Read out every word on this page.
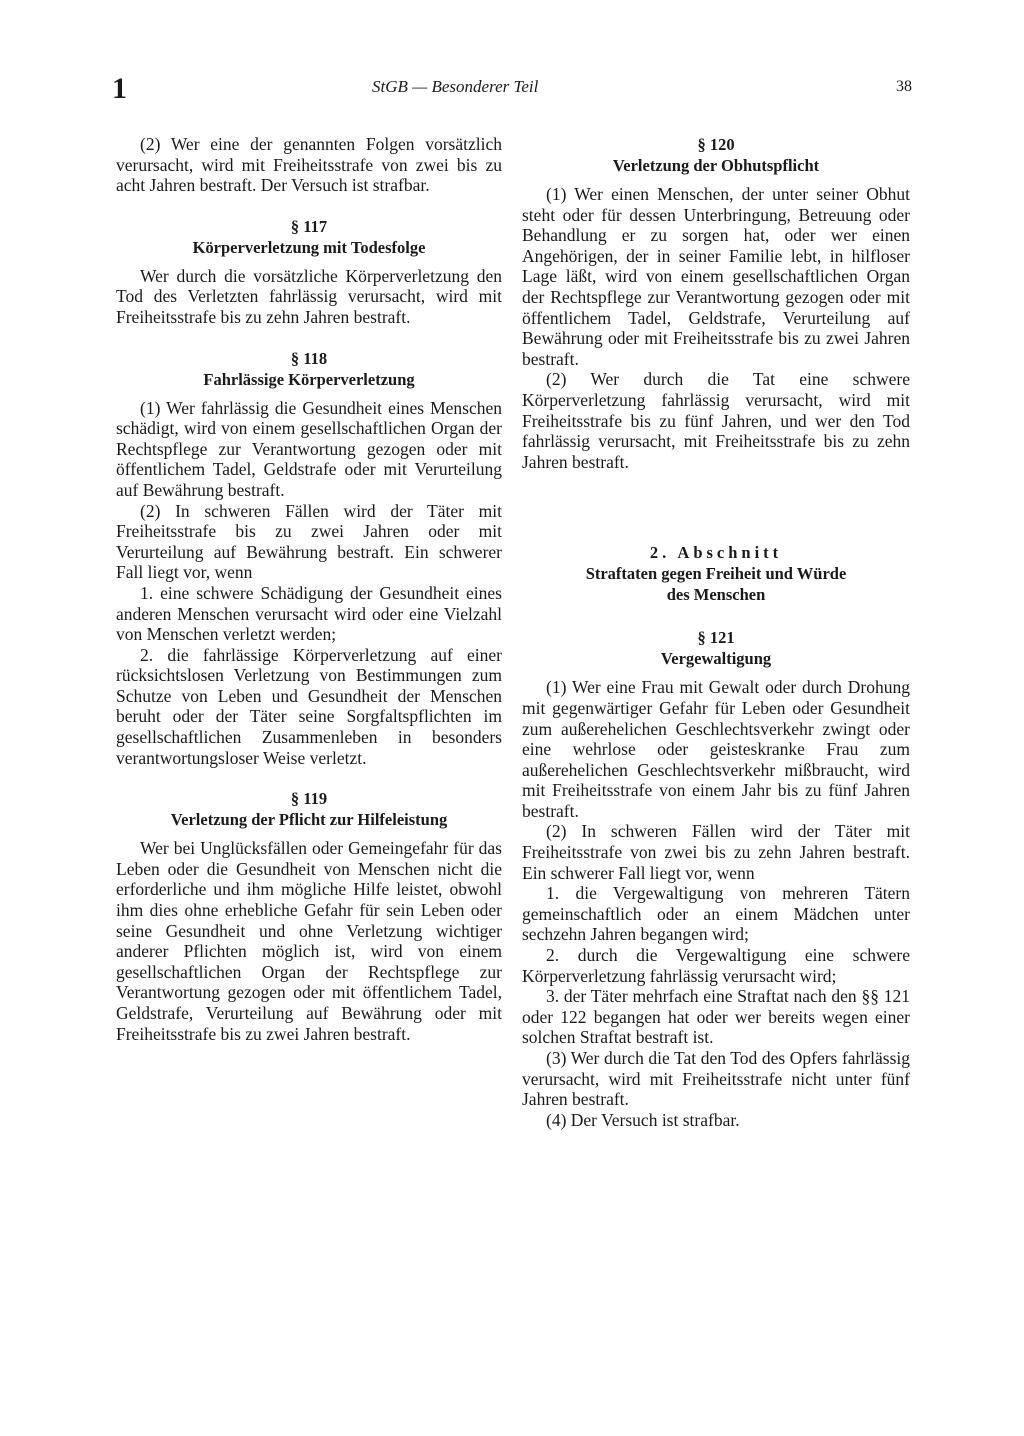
1	StGB — Besonderer Teil	38

(2) Wer eine der genannten Folgen vorsätzlich verursacht, wird mit Freiheitsstrafe von zwei bis zu acht Jahren bestraft. Der Versuch ist strafbar.

§ 117

Körperverletzung mit Todesfolge

Wer durch die vorsätzliche Körperverletzung den Tod des Verletzten fahrlässig verursacht, wird mit Freiheitsstrafe bis zu zehn Jahren bestraft.

§ 118

Fahrlässige Körperverletzung

(1) Wer fahrlässig die Gesundheit eines Menschen schädigt, wird von einem gesellschaftlichen Organ der Rechtspflege zur Verantwortung gezogen oder mit öffentlichem Tadel, Geldstrafe oder mit Verurteilung auf Bewährung bestraft.

(2) In schweren Fällen wird der Täter mit Freiheitsstrafe bis zu zwei Jahren oder mit Verurteilung auf Bewährung bestraft. Ein schwerer Fall liegt vor, wenn

1. eine schwere Schädigung der Gesundheit eines anderen Menschen verursacht wird oder eine Vielzahl von Menschen verletzt werden;

2. die fahrlässige Körperverletzung auf einer rücksichtslosen Verletzung von Bestimmungen zum Schutze von Leben und Gesundheit der Menschen beruht oder der Täter seine Sorgfaltspflichten im gesellschaftlichen Zusammenleben in besonders verantwortungsloser Weise verletzt.

§ 119

Verletzung der Pflicht zur Hilfeleistung

Wer bei Unglücksfällen oder Gemeingefahr für das Leben oder die Gesundheit von Menschen nicht die erforderliche und ihm mögliche Hilfe leistet, obwohl ihm dies ohne erhebliche Gefahr für sein Leben oder seine Gesundheit und ohne Verletzung wichtiger anderer Pflichten möglich ist, wird von einem gesellschaftlichen Organ der Rechtspflege zur Verantwortung gezogen oder mit öffentlichem Tadel, Geldstrafe, Verurteilung auf Bewährung oder mit Freiheitsstrafe bis zu zwei Jahren bestraft.

§ 120

Verletzung der Obhutspflicht

(1) Wer einen Menschen, der unter seiner Obhut steht oder für dessen Unterbringung, Betreuung oder Behandlung er zu sorgen hat, oder wer einen Angehörigen, der in seiner Familie lebt, in hilfloser Lage läßt, wird von einem gesellschaftlichen Organ der Rechtspflege zur Verantwortung gezogen oder mit öffentlichem Tadel, Geldstrafe, Verurteilung auf Bewährung oder mit Freiheitsstrafe bis zu zwei Jahren bestraft.

(2) Wer durch die Tat eine schwere Körperverletzung fahrlässig verursacht, wird mit Freiheitsstrafe bis zu fünf Jahren, und wer den Tod fahrlässig verursacht, mit Freiheitsstrafe bis zu zehn Jahren bestraft.

2. Abschnitt

Straftaten gegen Freiheit und Würde

des Menschen

§ 121

Vergewaltigung

(1) Wer eine Frau mit Gewalt oder durch Drohung mit gegenwärtiger Gefahr für Leben oder Gesundheit zum außerehelichen Geschlechtsverkehr zwingt oder eine wehrlose oder geisteskranke Frau zum außerehelichen Geschlechtsverkehr mißbraucht, wird mit Freiheitsstrafe von einem Jahr bis zu fünf Jahren bestraft.

(2) In schweren Fällen wird der Täter mit Freiheitsstrafe von zwei bis zu zehn Jahren bestraft. Ein schwerer Fall liegt vor, wenn

1. die Vergewaltigung von mehreren Tätern gemeinschaftlich oder an einem Mädchen unter sechzehn Jahren begangen wird;

2. durch die Vergewaltigung eine schwere Körperverletzung fahrlässig verursacht wird;

3. der Täter mehrfach eine Straftat nach den §§ 121 oder 122 begangen hat oder wer bereits wegen einer solchen Straftat bestraft ist.

(3) Wer durch die Tat den Tod des Opfers fahrlässig verursacht, wird mit Freiheitsstrafe nicht unter fünf Jahren bestraft.

(4) Der Versuch ist strafbar.
